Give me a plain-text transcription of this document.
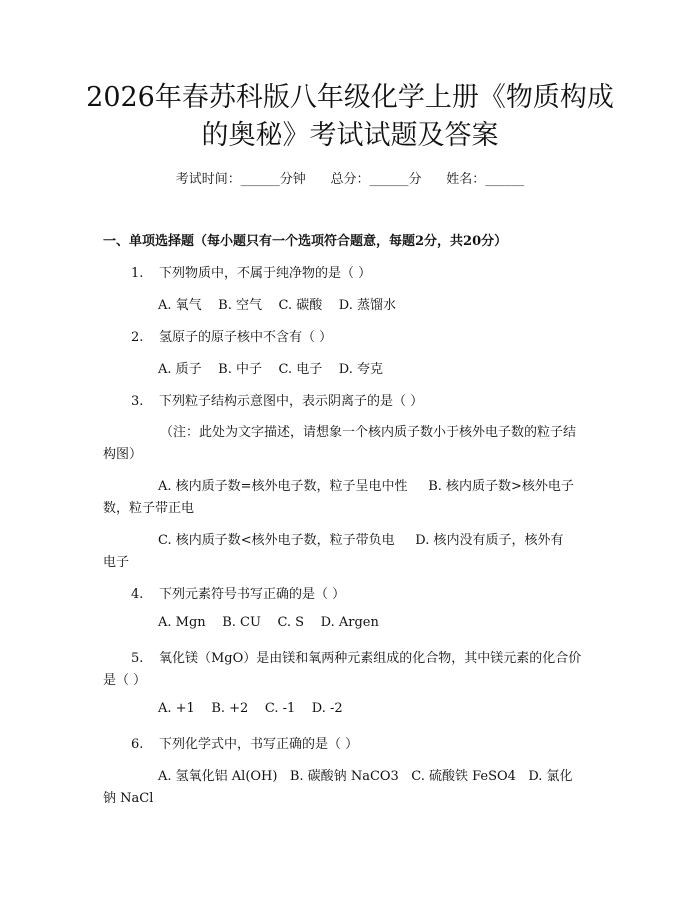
2026年春苏科版八年级化学上册《物质构成
的奥秘》考试试题及答案
考试时间：______分钟      总分：______分      姓名：______
一、单项选择题（每小题只有一个选项符合题意，每题2分，共20分）
1. 下列物质中，不属于纯净物的是（ ）
A. 氧气    B. 空气    C. 碳酸    D. 蒸馏水
2. 氢原子的原子核中不含有（ ）
A. 质子    B. 中子    C. 电子    D. 夸克
3. 下列粒子结构示意图中，表示阴离子的是（ ）
（注：此处为文字描述，请想象一个核内质子数小于核外电子数的粒子结
构图）
A. 核内质子数=核外电子数，粒子呈电中性     B. 核内质子数>核外电子
数，粒子带正电
C. 核内质子数<核外电子数，粒子带负电     D. 核内没有质子，核外有
电子
4. 下列元素符号书写正确的是（ ）
A. Mgn    B. CU    C. S    D. Argen
5. 氧化镁（MgO）是由镁和氧两种元素组成的化合物，其中镁元素的化合价
是（ ）
A. +1    B. +2    C. -1    D. -2
6. 下列化学式中，书写正确的是（ ）
A. 氢氧化铝 Al(OH)   B. 碳酸钠 NaCO3   C. 硫酸铁 FeSO4   D. 氯化
钠 NaCl
